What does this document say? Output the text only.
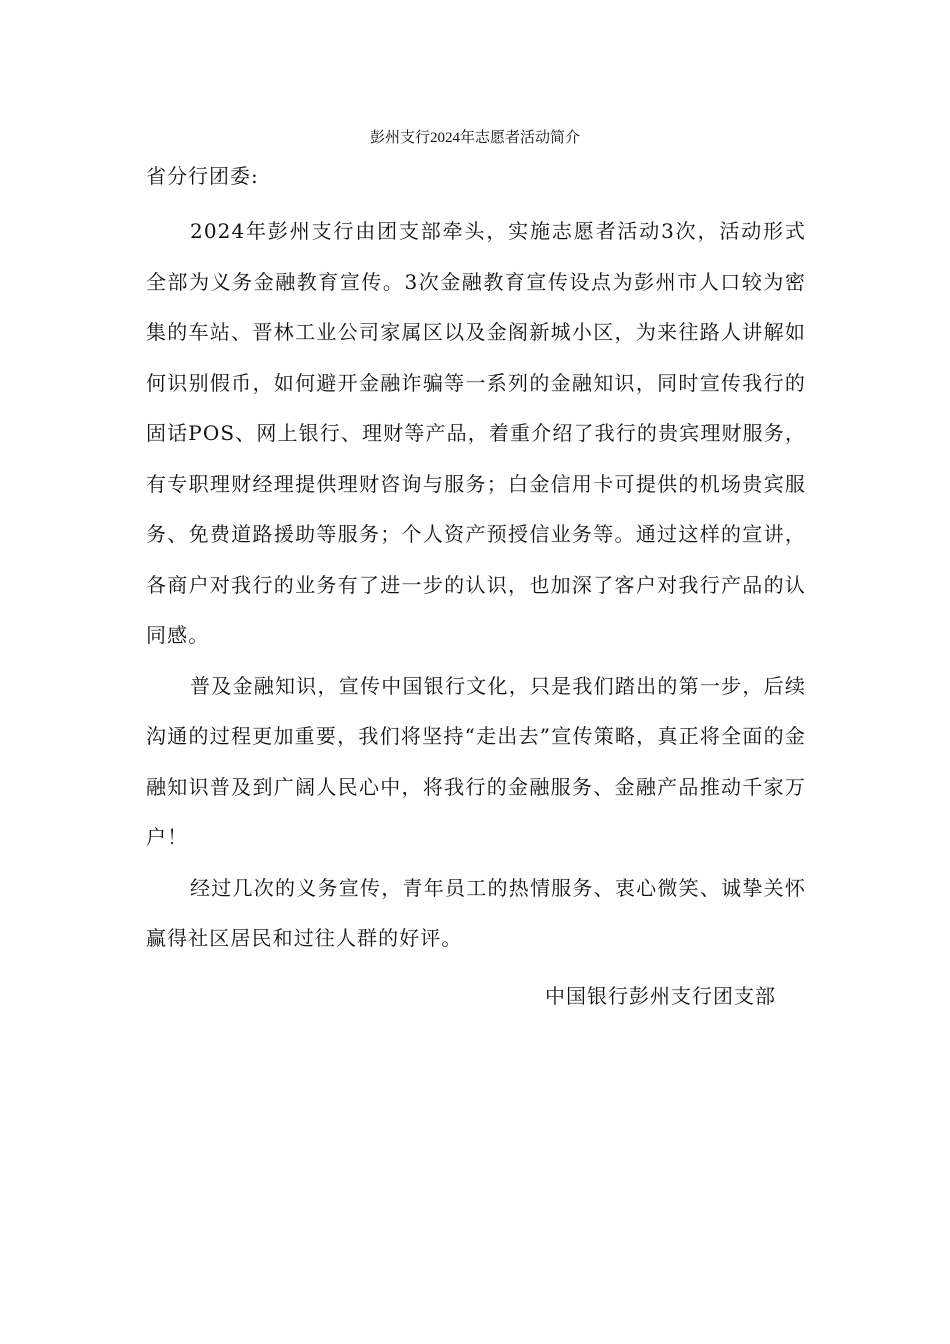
彭州支行2024年志愿者活动简介
省分行团委:

2024年彭州支行由团支部牵头，实施志愿者活动3次，活动形式全部为义务金融教育宣传。3次金融教育宣传设点为彭州市人口较为密集的车站、晋林工业公司家属区以及金阁新城小区，为来往路人讲解如何识别假币，如何避开金融诈骗等一系列的金融知识，同时宣传我行的固话POS、网上银行、理财等产品，着重介绍了我行的贵宾理财服务，有专职理财经理提供理财咨询与服务；白金信用卡可提供的机场贵宾服务、免费道路援助等服务；个人资产预授信业务等。通过这样的宣讲，各商户对我行的业务有了进一步的认识，也加深了客户对我行产品的认同感。

普及金融知识，宣传中国银行文化，只是我们踏出的第一步，后续沟通的过程更加重要，我们将坚持“走出去”宣传策略，真正将全面的金融知识普及到广阔人民心中，将我行的金融服务、金融产品推动千家万户！

经过几次的义务宣传，青年员工的热情服务、衷心微笑、诚挚关怀赢得社区居民和过往人群的好评。

中国银行彭州支行团支部
